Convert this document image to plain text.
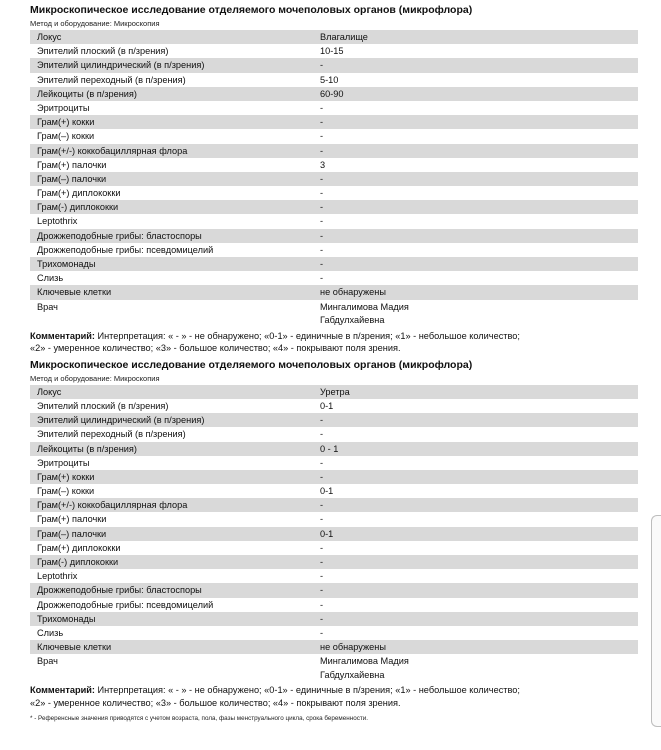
Микроскопическое исследование отделяемого мочеполовых органов (микрофлора)
Метод и оборудование: Микроскопия
Локус	Влагалище
Эпителий плоский (в п/зрения)	10-15
Эпителий цилиндрический (в п/зрения)	-
Эпителий переходный (в п/зрения)	5-10
Лейкоциты (в п/зрения)	60-90
Эритроциты	-
Грам(+) кокки	-
Грам(–) кокки	-
Грам(+/-) коккобациллярная флора	-
Грам(+) палочки	3
Грам(–) палочки	-
Грам(+) диплококки	-
Грам(-) диплококки	-
Leptothrix	-
Дрожжеподобные грибы: бластоспоры	-
Дрожжеподобные грибы: псевдомицелий	-
Трихомонады	-
Слизь	-
Ключевые клетки	не обнаружены
Врач	Мингалимова Мадия
Габдулхайевна
Комментарий: Интерпретация: « - » - не обнаружено; «0-1» - единичные в п/зрения; «1» - небольшое количество;
«2» - умеренное количество; «3» - большое количество; «4» - покрывают поля зрения.
Микроскопическое исследование отделяемого мочеполовых органов (микрофлора)
Метод и оборудование: Микроскопия
Локус	Уретра
Эпителий плоский (в п/зрения)	0-1
Эпителий цилиндрический (в п/зрения)	-
Эпителий переходный (в п/зрения)	-
Лейкоциты (в п/зрения)	0 - 1
Эритроциты	-
Грам(+) кокки	-
Грам(–) кокки	0-1
Грам(+/-) коккобациллярная флора	-
Грам(+) палочки	-
Грам(–) палочки	0-1
Грам(+) диплококки	-
Грам(-) диплококки	-
Leptothrix	-
Дрожжеподобные грибы: бластоспоры	-
Дрожжеподобные грибы: псевдомицелий	-
Трихомонады	-
Слизь	-
Ключевые клетки	не обнаружены
Врач	Мингалимова Мадия
Габдулхайевна
Комментарий: Интерпретация: « - » - не обнаружено; «0-1» - единичные в п/зрения; «1» - небольшое количество;
«2» - умеренное количество; «3» - большое количество; «4» - покрывают поля зрения.
* - Референсные значения приводятся с учетом возраста, пола, фазы менструального цикла, срока беременности.
